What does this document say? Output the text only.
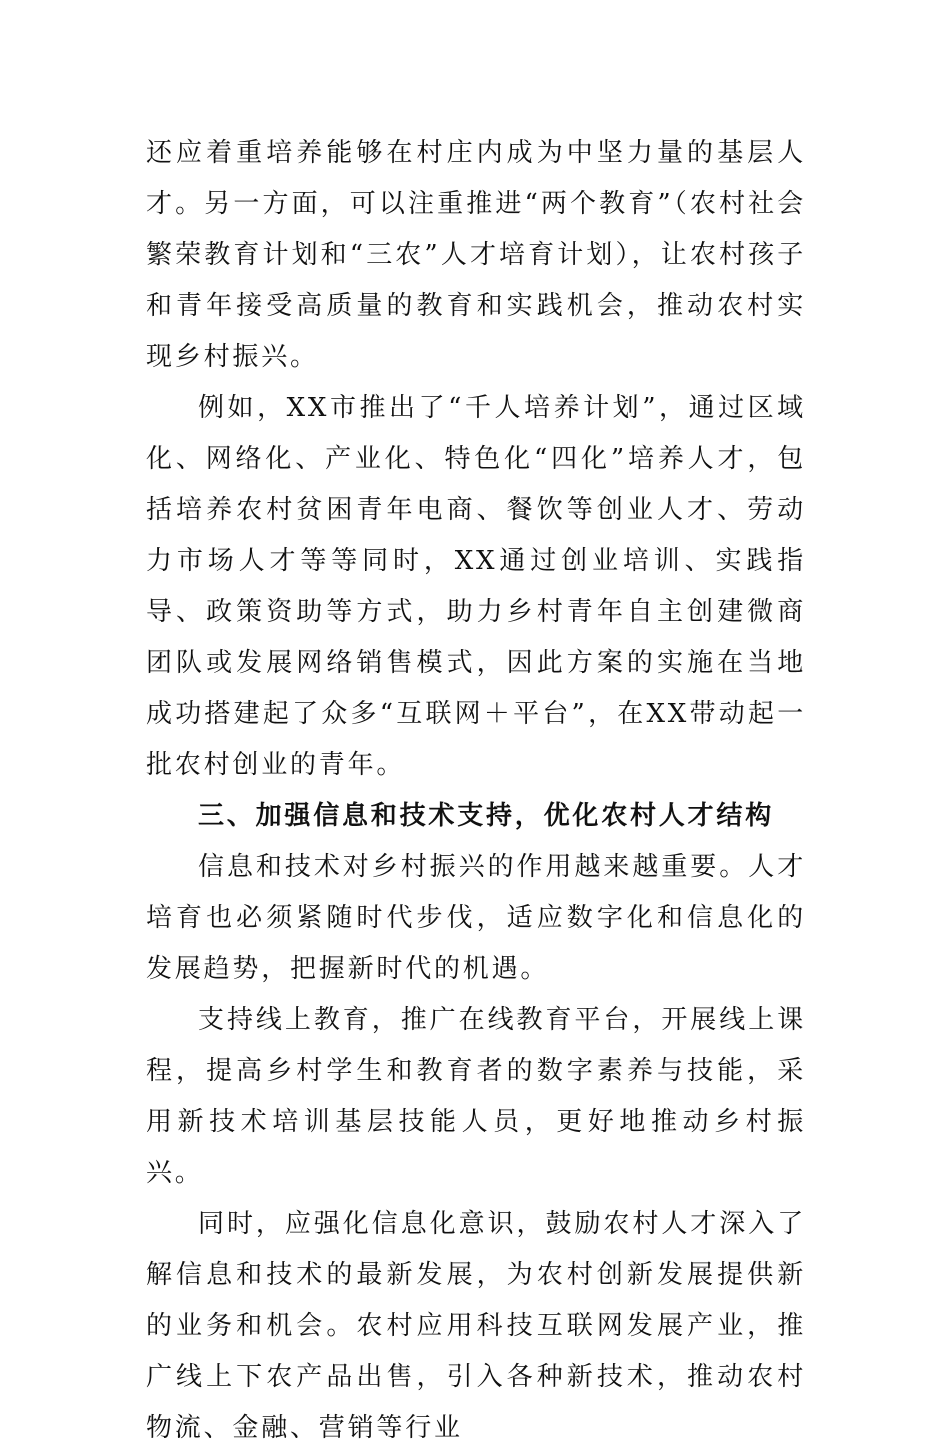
还应着重培养能够在村庄内成为中坚力量的基层人才。另一方面，可以注重推进“两个教育”（农村社会繁荣教育计划和“三农”人才培育计划），让农村孩子和青年接受高质量的教育和实践机会，推动农村实现乡村振兴。

例如，XX市推出了“千人培养计划”，通过区域化、网络化、产业化、特色化“四化”培养人才，包括培养农村贫困青年电商、餐饮等创业人才、劳动力市场人才等等同时，XX通过创业培训、实践指导、政策资助等方式，助力乡村青年自主创建微商团队或发展网络销售模式，因此方案的实施在当地成功搭建起了众多“互联网＋平台”，在XX带动起一批农村创业的青年。

三、加强信息和技术支持，优化农村人才结构

信息和技术对乡村振兴的作用越来越重要。人才培育也必须紧随时代步伐，适应数字化和信息化的发展趋势，把握新时代的机遇。

支持线上教育，推广在线教育平台，开展线上课程，提高乡村学生和教育者的数字素养与技能，采用新技术培训基层技能人员，更好地推动乡村振兴。

同时，应强化信息化意识，鼓励农村人才深入了解信息和技术的最新发展，为农村创新发展提供新的业务和机会。农村应用科技互联网发展产业，推广线上下农产品出售，引入各种新技术，推动农村物流、金融、营销等行业
